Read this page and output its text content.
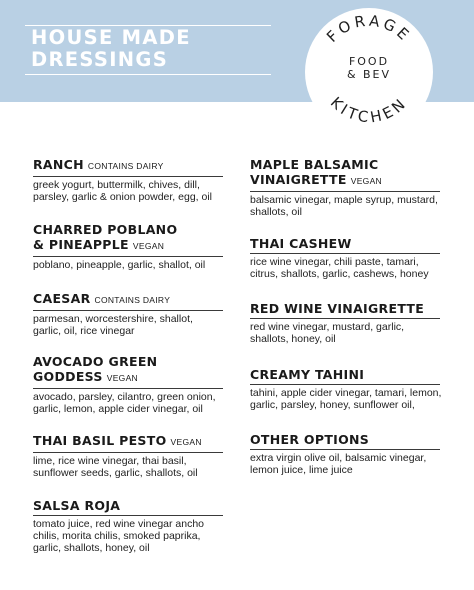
HOUSE MADE
DRESSINGS
FORAGE
KITCHEN
FOOD
& BEV
RANCH CONTAINS DAIRY
greek yogurt, buttermilk, chives, dill,
parsley, garlic & onion powder, egg, oil
CHARRED POBLANO
& PINEAPPLE VEGAN
poblano, pineapple, garlic, shallot, oil
CAESAR CONTAINS DAIRY
parmesan, worcestershire, shallot,
garlic, oil, rice vinegar
AVOCADO GREEN
GODDESS VEGAN
avocado, parsley, cilantro, green onion,
garlic, lemon, apple cider vinegar, oil
THAI BASIL PESTO VEGAN
lime, rice wine vinegar, thai basil,
sunflower seeds, garlic, shallots, oil
SALSA ROJA
tomato juice, red wine vinegar ancho
chilis, morita chilis, smoked paprika,
garlic, shallots, honey, oil
MAPLE BALSAMIC
VINAIGRETTE VEGAN
balsamic vinegar, maple syrup, mustard,
shallots, oil
THAI CASHEW
rice wine vinegar, chili paste, tamari,
citrus, shallots, garlic, cashews, honey
RED WINE VINAIGRETTE
red wine vinegar, mustard, garlic,
shallots, honey, oil
CREAMY TAHINI
tahini, apple cider vinegar, tamari, lemon,
garlic, parsley, honey, sunflower oil,
OTHER OPTIONS
extra virgin olive oil, balsamic vinegar,
lemon juice, lime juice
